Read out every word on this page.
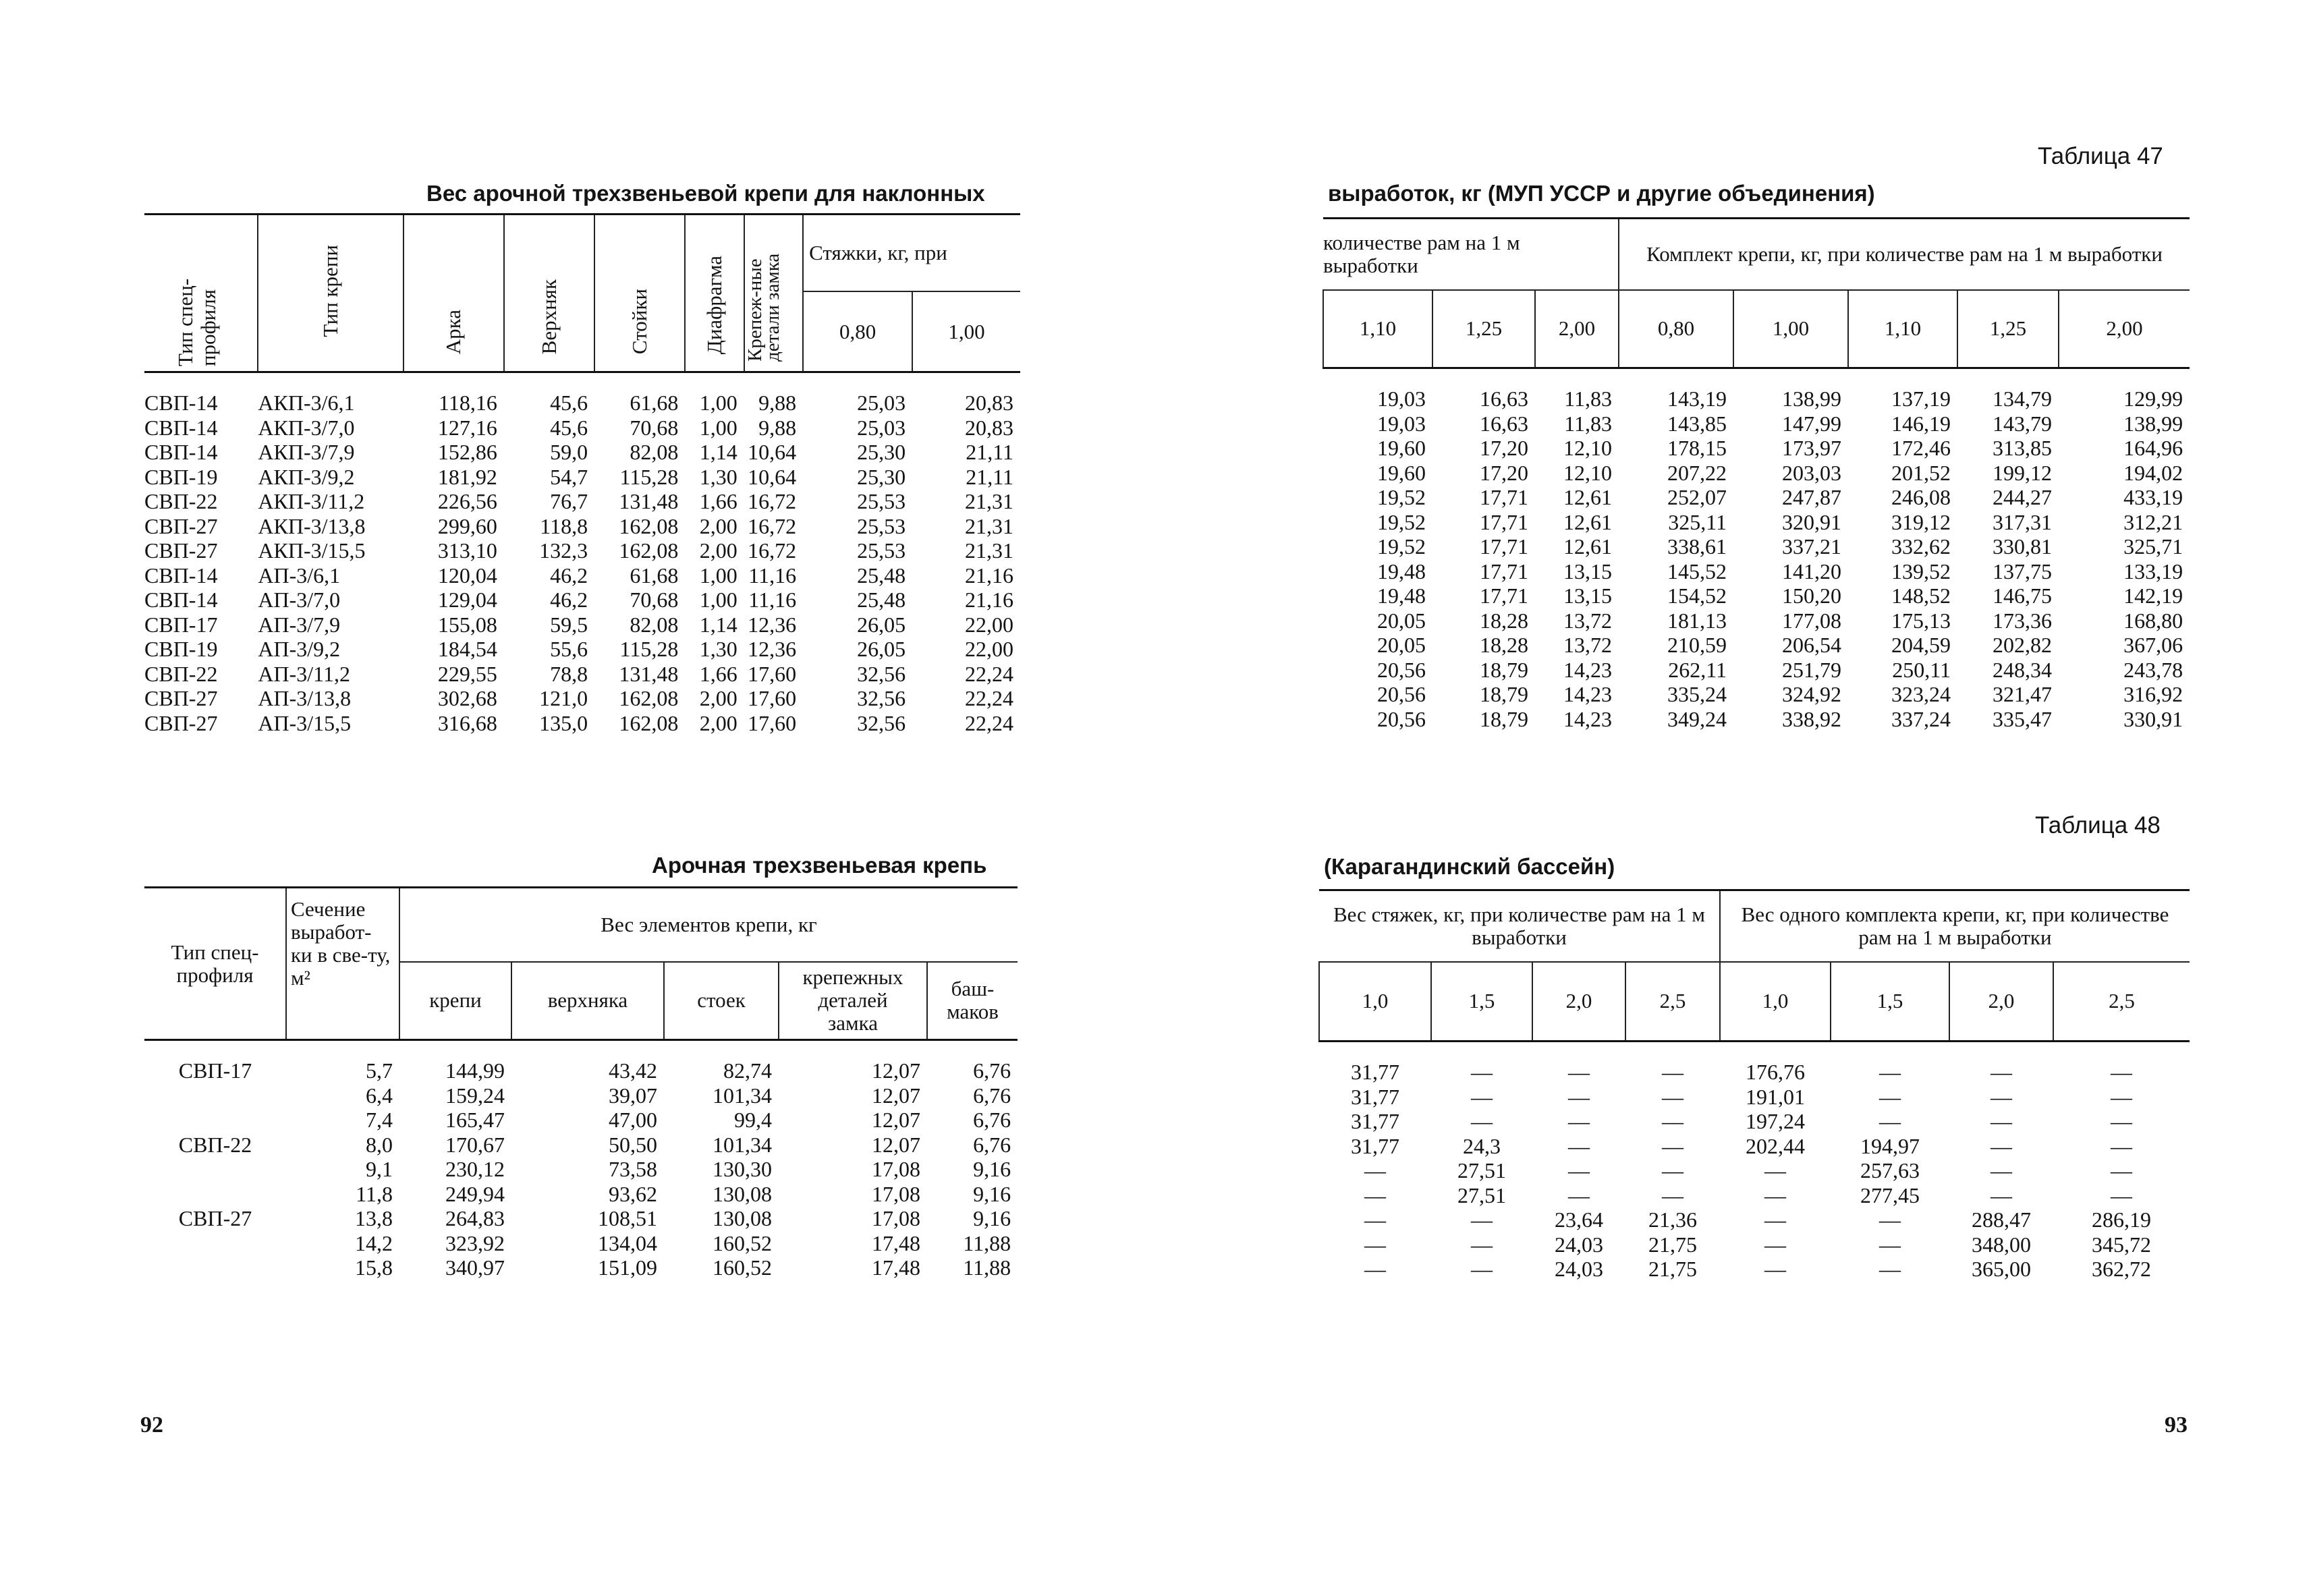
Вес арочной трехзвеньевой крепи для наклонных
Тип спец-профиля	Тип крепи	Арка	Верхняк	Стойки	Диафрагма	Крепеж-ные детали замка	Стяжки, кг, при	
							0,80	1,00
СВП-14	АКП-3/6,1	118,16	45,6	61,68	1,00	9,88	25,03	20,83
СВП-14	АКП-3/7,0	127,16	45,6	70,68	1,00	9,88	25,03	20,83
СВП-14	АКП-3/7,9	152,86	59,0	82,08	1,14	10,64	25,30	21,11
СВП-19	АКП-3/9,2	181,92	54,7	115,28	1,30	10,64	25,30	21,11
СВП-22	АКП-3/11,2	226,56	76,7	131,48	1,66	16,72	25,53	21,31
СВП-27	АКП-3/13,8	299,60	118,8	162,08	2,00	16,72	25,53	21,31
СВП-27	АКП-3/15,5	313,10	132,3	162,08	2,00	16,72	25,53	21,31
СВП-14	АП-3/6,1	120,04	46,2	61,68	1,00	11,16	25,48	21,16
СВП-14	АП-3/7,0	129,04	46,2	70,68	1,00	11,16	25,48	21,16
СВП-17	АП-3/7,9	155,08	59,5	82,08	1,14	12,36	26,05	22,00
СВП-19	АП-3/9,2	184,54	55,6	115,28	1,30	12,36	26,05	22,00
СВП-22	АП-3/11,2	229,55	78,8	131,48	1,66	17,60	32,56	22,24
СВП-27	АП-3/13,8	302,68	121,0	162,08	2,00	17,60	32,56	22,24
СВП-27	АП-3/15,5	316,68	135,0	162,08	2,00	17,60	32,56	22,24
Арочная трехзвеньевая крепь
Тип спец-профиля	Сечение выработ-ки в све-ту, м²	Вес элементов крепи, кг				
		крепи	верхняка	стоек	крепежных деталей замка	баш-маков
СВП-17	5,7	144,99	43,42	82,74	12,07	6,76
	6,4	159,24	39,07	101,34	12,07	6,76
	7,4	165,47	47,00	99,4	12,07	6,76
СВП-22	8,0	170,67	50,50	101,34	12,07	6,76
	9,1	230,12	73,58	130,30	17,08	9,16
	11,8	249,94	93,62	130,08	17,08	9,16
СВП-27	13,8	264,83	108,51	130,08	17,08	9,16
	14,2	323,92	134,04	160,52	17,48	11,88
	15,8	340,97	151,09	160,52	17,48	11,88
92
Таблица 47
выработок, кг (МУП УССР и другие объединения)
количестве рам на 1 м выработки			Комплект крепи, кг, при количестве рам на 1 м выработки				
1,10	1,25	2,00	0,80	1,00	1,10	1,25	2,00
19,03	16,63	11,83	143,19	138,99	137,19	134,79	129,99
19,03	16,63	11,83	143,85	147,99	146,19	143,79	138,99
19,60	17,20	12,10	178,15	173,97	172,46	313,85	164,96
19,60	17,20	12,10	207,22	203,03	201,52	199,12	194,02
19,52	17,71	12,61	252,07	247,87	246,08	244,27	433,19
19,52	17,71	12,61	325,11	320,91	319,12	317,31	312,21
19,52	17,71	12,61	338,61	337,21	332,62	330,81	325,71
19,48	17,71	13,15	145,52	141,20	139,52	137,75	133,19
19,48	17,71	13,15	154,52	150,20	148,52	146,75	142,19
20,05	18,28	13,72	181,13	177,08	175,13	173,36	168,80
20,05	18,28	13,72	210,59	206,54	204,59	202,82	367,06
20,56	18,79	14,23	262,11	251,79	250,11	248,34	243,78
20,56	18,79	14,23	335,24	324,92	323,24	321,47	316,92
20,56	18,79	14,23	349,24	338,92	337,24	335,47	330,91
Таблица 48
(Карагандинский бассейн)
Вес стяжек, кг, при количестве рам на 1 м выработки				Вес одного комплекта крепи, кг, при количестве рам на 1 м выработки			
1,0	1,5	2,0	2,5	1,0	1,5	2,0	2,5
31,77	—	—	—	176,76	—	—	—
31,77	—	—	—	191,01	—	—	—
31,77	—	—	—	197,24	—	—	—
31,77	24,3	—	—	202,44	194,97	—	—
—	27,51	—	—	—	257,63	—	—
—	27,51	—	—	—	277,45	—	—
—	—	23,64	21,36	—	—	288,47	286,19
—	—	24,03	21,75	—	—	348,00	345,72
—	—	24,03	21,75	—	—	365,00	362,72
93
